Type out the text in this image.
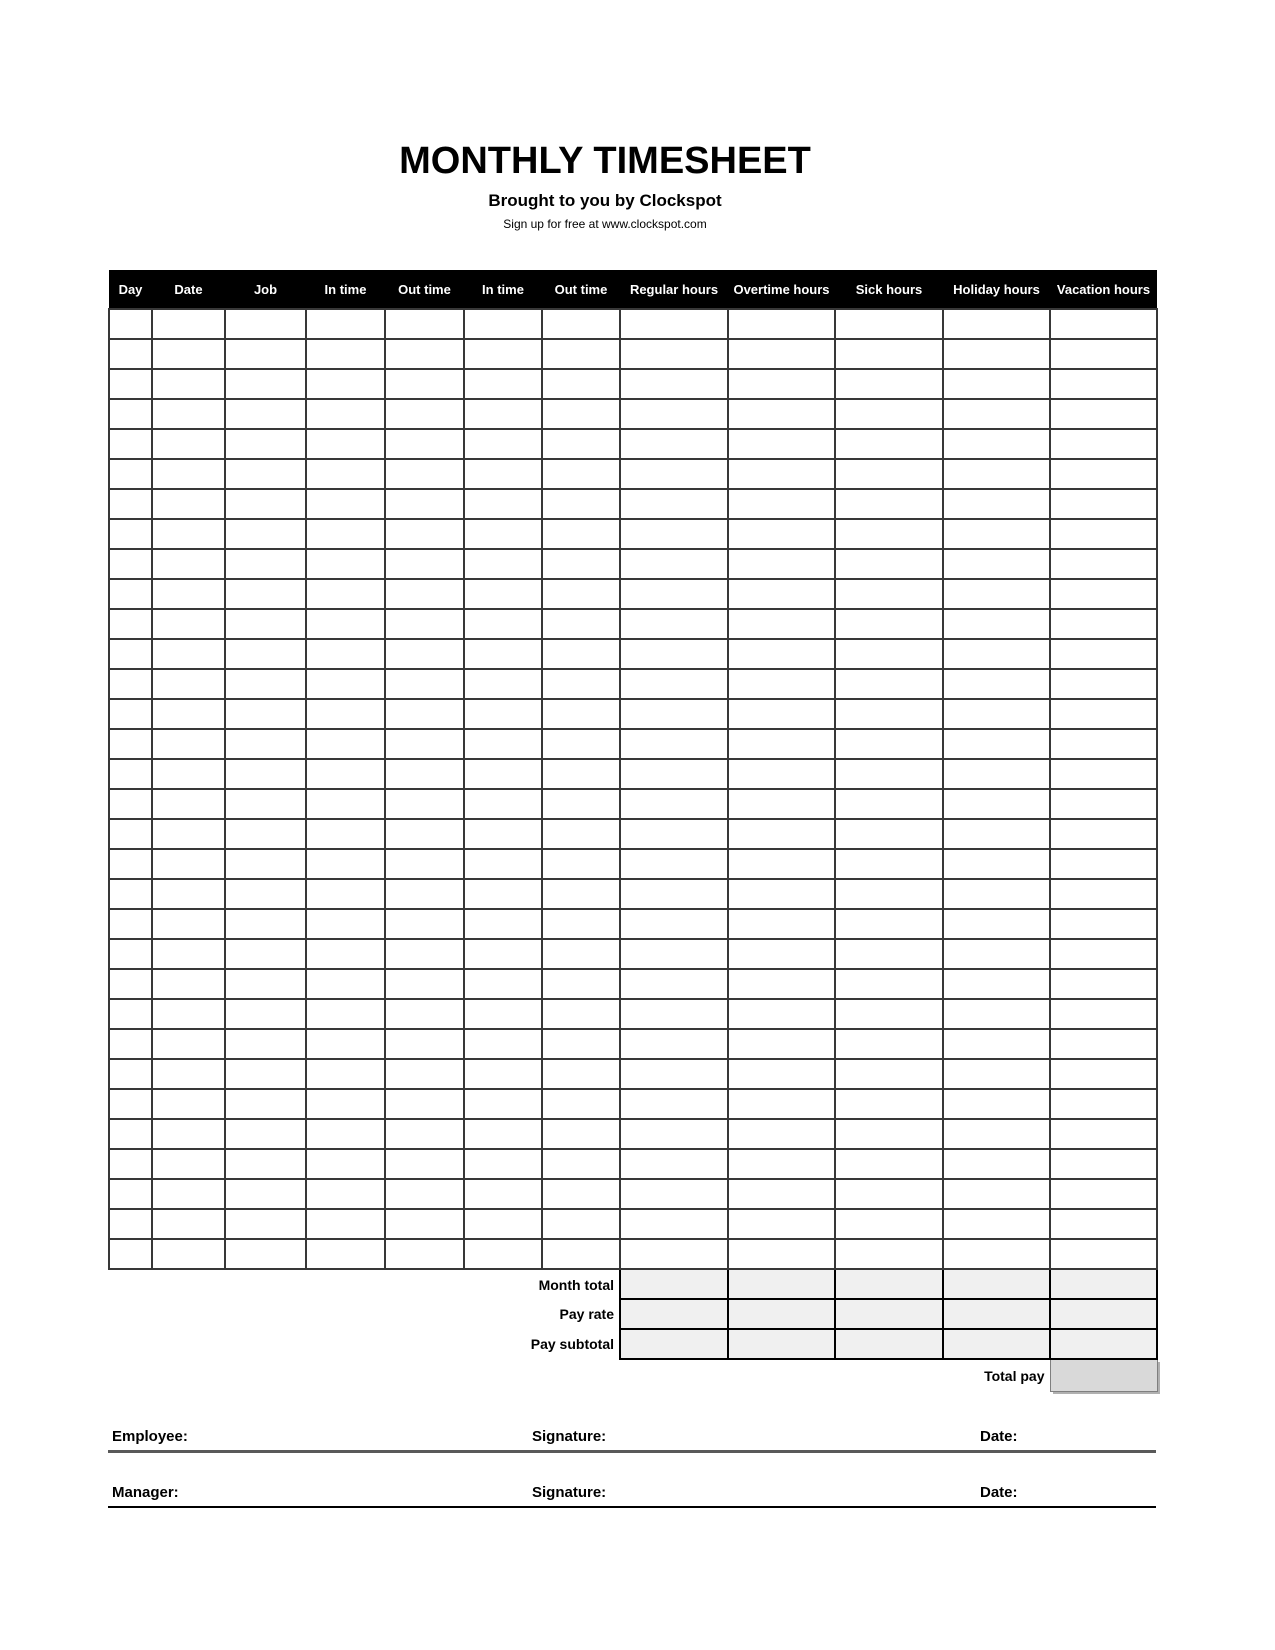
MONTHLY TIMESHEET
Brought to you by Clockspot
Sign up for free at www.clockspot.com
Day	Date	Job	In time	Out time	In time	Out time	Regular hours	Overtime hours	Sick hours	Holiday hours	Vacation hours

Month total											
Pay rate											
Pay subtotal											
Total pay											
Employee:	Signature:	Date:
Manager:	Signature:	Date:
